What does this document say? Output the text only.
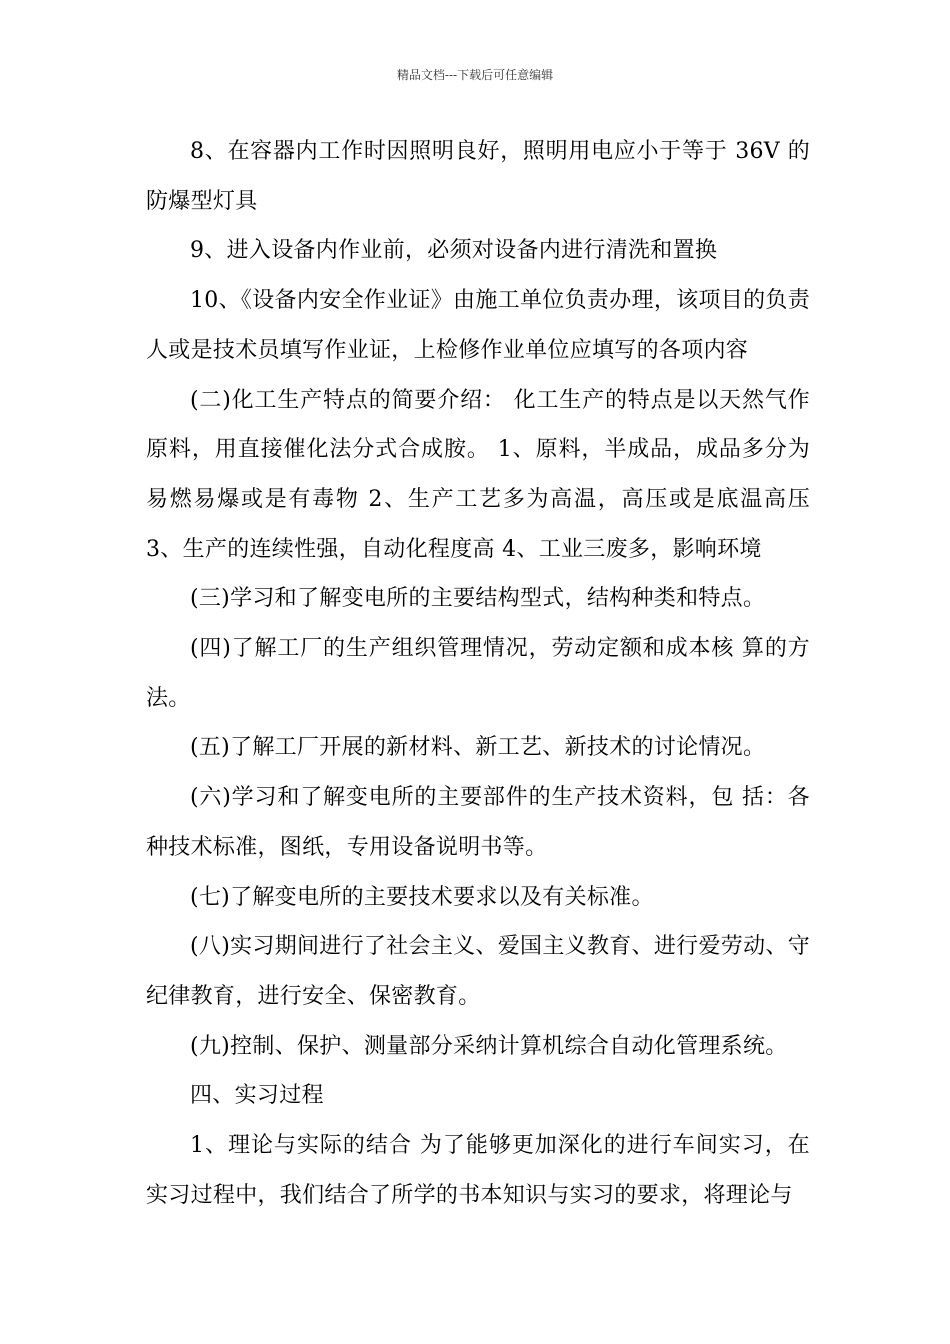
精品文档---下载后可任意编辑

8、在容器内工作时因照明良好，照明用电应小于等于 36V 的防爆型灯具

9、进入设备内作业前，必须对设备内进行清洗和置换

10、《设备内安全作业证》由施工单位负责办理，该项目的负责人或是技术员填写作业证，上检修作业单位应填写的各项内容

(二)化工生产特点的简要介绍： 化工生产的特点是以天然气作原料，用直接催化法分式合成胺。 1、原料，半成品，成品多分为易燃易爆或是有毒物 2、生产工艺多为高温，高压或是底温高压 3、生产的连续性强，自动化程度高 4、工业三废多，影响环境

(三)学习和了解变电所的主要结构型式，结构种类和特点。

(四)了解工厂的生产组织管理情况，劳动定额和成本核 算的方法。

(五)了解工厂开展的新材料、新工艺、新技术的讨论情况。

(六)学习和了解变电所的主要部件的生产技术资料，包 括：各种技术标准，图纸，专用设备说明书等。

(七)了解变电所的主要技术要求以及有关标准。

(八)实习期间进行了社会主义、爱国主义教育、进行爱劳动、守纪律教育，进行安全、保密教育。

(九)控制、保护、测量部分采纳计算机综合自动化管理系统。

四、实习过程

1、理论与实际的结合 为了能够更加深化的进行车间实习，在实习过程中，我们结合了所学的书本知识与实习的要求，将理论与
